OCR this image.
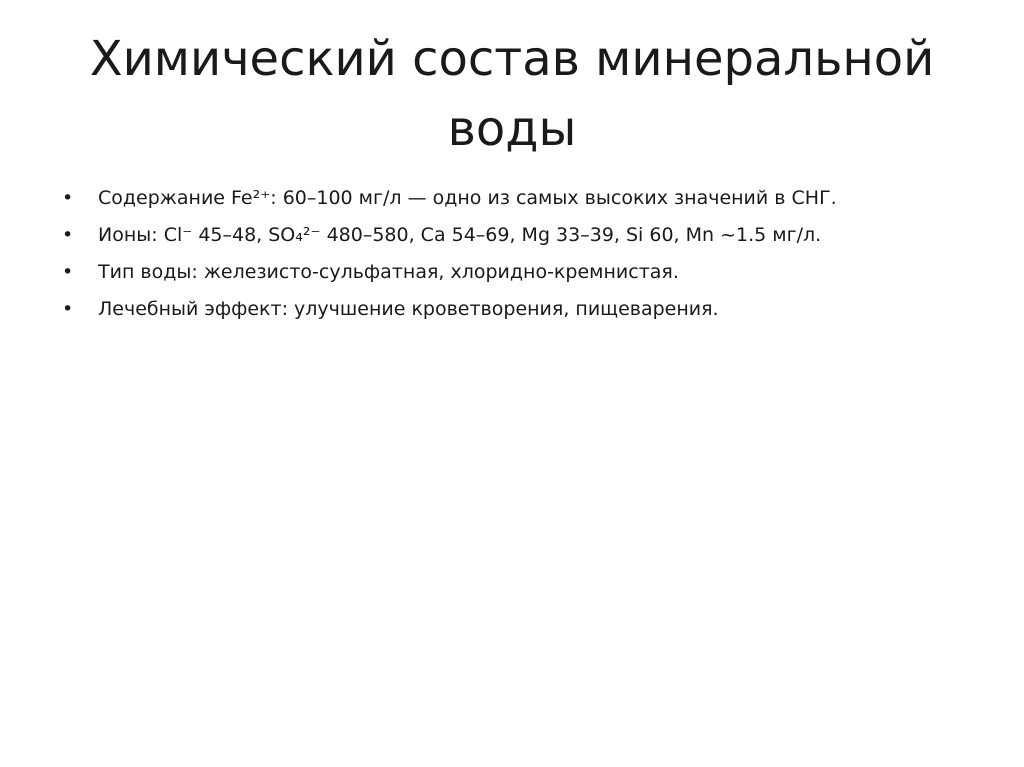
Химический состав минеральной
воды
•	Содержание Fe²⁺: 60–100 мг/л — одно из самых высоких значений в СНГ.
•	Ионы: Cl⁻ 45–48, SO₄²⁻ 480–580, Ca 54–69, Mg 33–39, Si 60, Mn ~1.5 мг/л.
•	Тип воды: железисто-сульфатная, хлоридно-кремнистая.
•	Лечебный эффект: улучшение кроветворения, пищеварения.
